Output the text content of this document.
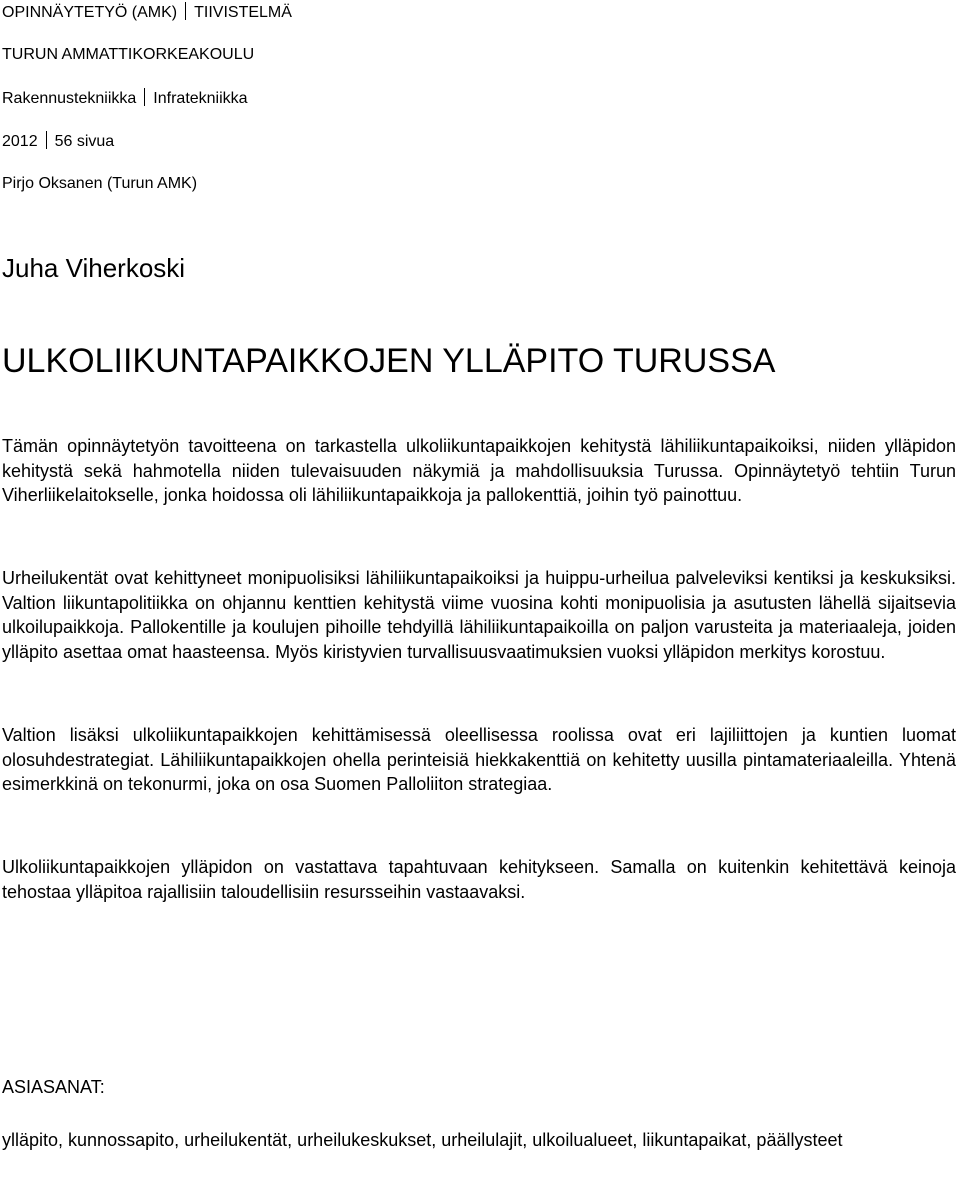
OPINNÄYTETYÖ (AMK) TIIVISTELMÄ
TURUN AMMATTIKORKEAKOULU
Rakennustekniikka Infratekniikka
2012 56 sivua
Pirjo Oksanen (Turun AMK)
Juha Viherkoski
ULKOLIIKUNTAPAIKKOJEN YLLÄPITO TURUSSA

Tämän opinnäytetyön tavoitteena on tarkastella ulkoliikuntapaikkojen kehitystä lähiliikuntapaikoiksi, niiden ylläpidon kehitystä sekä hahmotella niiden tulevaisuuden näkymiä ja mahdollisuuksia Turussa. Opinnäytetyö tehtiin Turun Viherliikelaitokselle, jonka hoidossa oli lähiliikuntapaikkoja ja pallokenttiä, joihin työ painottuu.

Urheilukentät ovat kehittyneet monipuolisiksi lähiliikuntapaikoiksi ja huippu-urheilua palveleviksi kentiksi ja keskuksiksi. Valtion liikuntapolitiikka on ohjannu kenttien kehitystä viime vuosina kohti monipuolisia ja asutusten lähellä sijaitsevia ulkoilupaikkoja. Pallokentille ja koulujen pihoille tehdyillä lähiliikuntapaikoilla on paljon varusteita ja materiaaleja, joiden ylläpito asettaa omat haasteensa. Myös kiristyvien turvallisuusvaatimuksien vuoksi ylläpidon merkitys korostuu.

Valtion lisäksi ulkoliikuntapaikkojen kehittämisessä oleellisessa roolissa ovat eri lajiliittojen ja kuntien luomat olosuhdestrategiat. Lähiliikuntapaikkojen ohella perinteisiä hiekkakenttiä on kehitetty uusilla pintamateriaaleilla. Yhtenä esimerkkinä on tekonurmi, joka on osa Suomen Palloliiton strategiaa.

Ulkoliikuntapaikkojen ylläpidon on vastattava tapahtuvaan kehitykseen. Samalla on kuitenkin kehitettävä keinoja tehostaa ylläpitoa rajallisiin taloudellisiin resursseihin vastaavaksi.

ASIASANAT:
ylläpito, kunnossapito, urheilukentät, urheilukeskukset, urheilulajit, ulkoilualueet, liikuntapaikat, päällysteet
